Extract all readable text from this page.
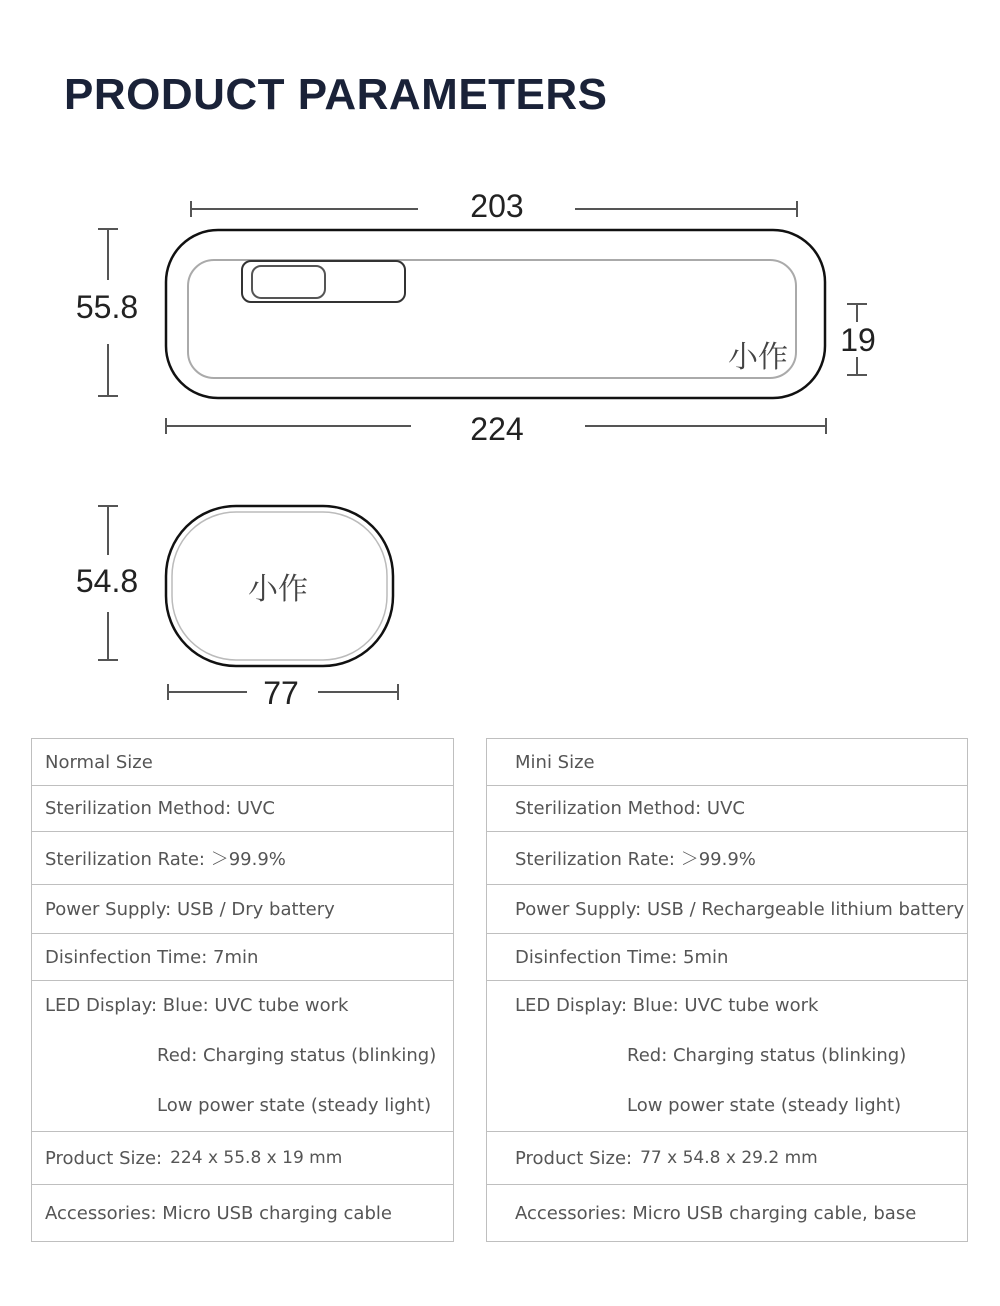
PRODUCT PARAMETERS
小作
小作
203
224
55.8
19
54.8
77
Normal Size
Sterilization Method: UVC
Sterilization Rate: ＞99.9%
Power Supply: USB / Dry battery
Disinfection Time: 7min
LED Display: Blue: UVC tube work
Red: Charging status (blinking)
Low power state (steady light)
Product Size: 224 x 55.8 x 19 mm
Accessories: Micro USB charging cable
Mini Size
Sterilization Method: UVC
Sterilization Rate: ＞99.9%
Power Supply: USB / Rechargeable lithium battery
Disinfection Time: 5min
LED Display: Blue: UVC tube work
Red: Charging status (blinking)
Low power state (steady light)
Product Size: 77 x 54.8 x 29.2 mm
Accessories: Micro USB charging cable, base
